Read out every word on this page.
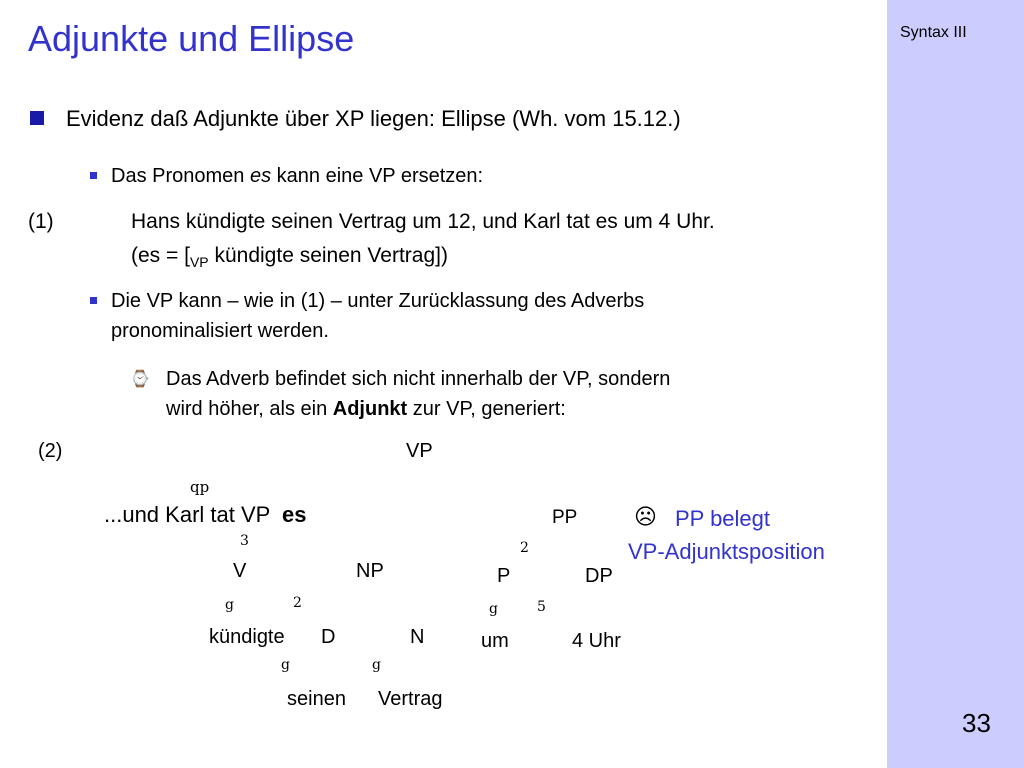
Syntax III
33
Adjunkte und Ellipse
Evidenz daß Adjunkte über XP liegen: Ellipse (Wh. vom 15.12.)
Das Pronomen es kann eine VP ersetzen:
(1)	Hans kündigte seinen Vertrag um 12, und Karl tat es um 4 Uhr.
($es = [_{VP}$ kündigte seinen Vertrag])
Die VP kann – wie in (1) – unter Zurücklassung des Adverbs
pronominalisiert werden.
⌚ Das Adverb befindet sich nicht innerhalb der VP, sondern
wird höher, als ein Adjunkt zur VP, generiert:
(2)	VP
qp
...und Karl tat VP es
3
V	NP
g	2
kündigte D	N
g	g
seinen Vertrag
PP
2
P	DP
g	5
um	4 Uhr
☹ PP belegt
VP-Adjunktsposition
